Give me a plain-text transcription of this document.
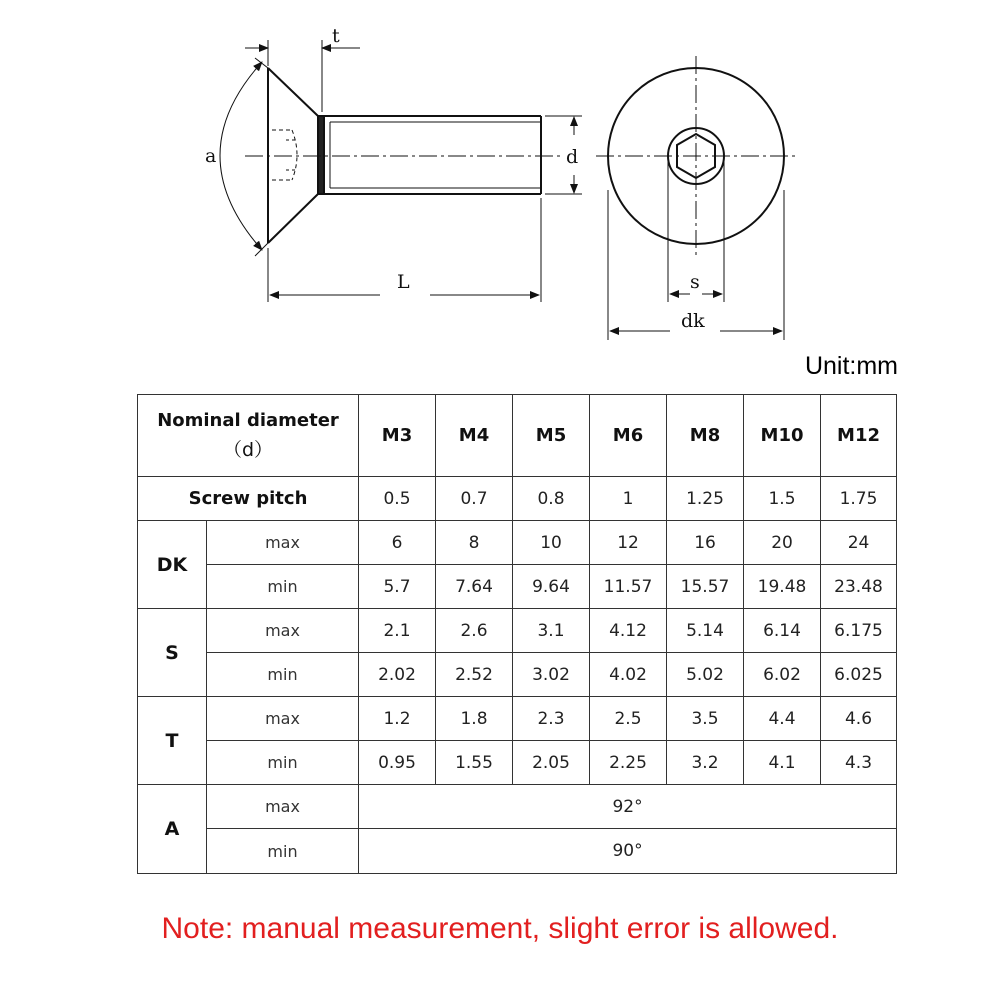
t
a	d
L	s
dk
Unit:mm
Nominal diameter
（d）		M3	M4	M5	M6	M8	M10	M12
Screw pitch		0.5	0.7	0.8	1	1.25	1.5	1.75
DK	max	6	8	10	12	16	20	24
	min	5.7	7.64	9.64	11.57	15.57	19.48	23.48
S	max	2.1	2.6	3.1	4.12	5.14	6.14	6.175
	min	2.02	2.52	3.02	4.02	5.02	6.02	6.025
T	max	1.2	1.8	2.3	2.5	3.5	4.4	4.6
	min	0.95	1.55	2.05	2.25	3.2	4.1	4.3
A	max	92°						
	min	90°						
Note: manual measurement, slight error is allowed.
